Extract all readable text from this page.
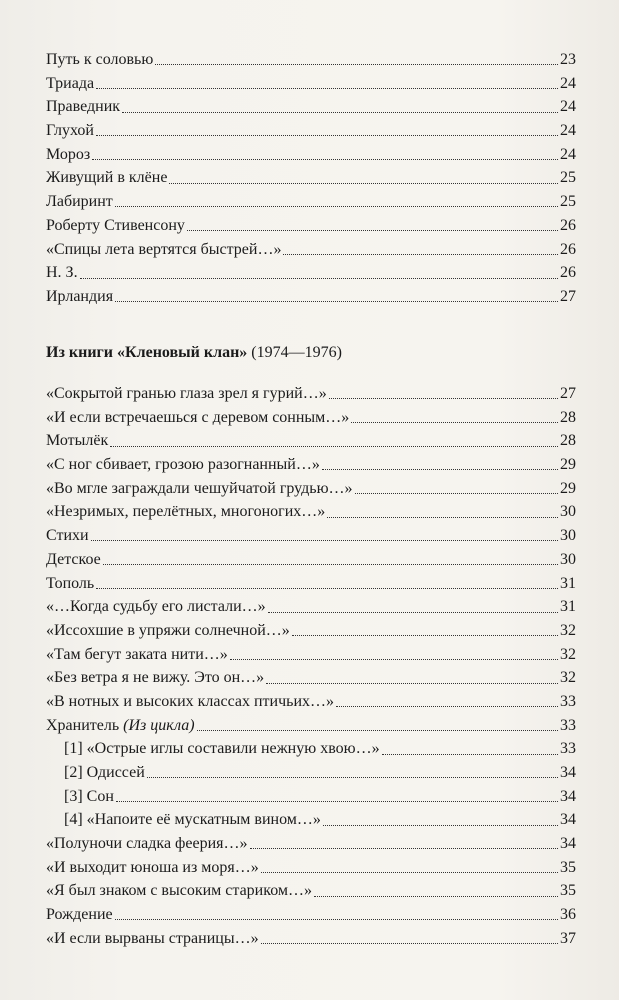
Путь к соловью	23
Триада	24
Праведник	24
Глухой	24
Мороз	24
Живущий в клёне	25
Лабиринт	25
Роберту Стивенсону	26
«Спицы лета вертятся быстрей…»	26
Н. З.	26
Ирландия	27
Из книги «Кленовый клан» (1974—1976)
«Сокрытой гранью глаза зрел я гурий…»	27
«И если встречаешься с деревом сонным…»	28
Мотылёк	28
«С ног сбивает, грозою разогнанный…»	29
«Во мгле заграждали чешуйчатой грудью…»	29
«Незримых, перелётных, многоногих…»	30
Стихи	30
Детское	30
Тополь	31
«…Когда судьбу его листали…»	31
«Иссохшие в упряжи солнечной…»	32
«Там бегут заката нити…»	32
«Без ветра я не вижу. Это он…»	32
«В нотных и высоких классах птичьих…»	33
Хранитель (Из цикла)	33
[1] «Острые иглы составили нежную хвою…»	33
[2] Одиссей	34
[3] Сон	34
[4] «Напоите её мускатным вином…»	34
«Полуночи сладка феерия…»	34
«И выходит юноша из моря…»	35
«Я был знаком с высоким стариком…»	35
Рождение	36
«И если вырваны страницы…»	37
